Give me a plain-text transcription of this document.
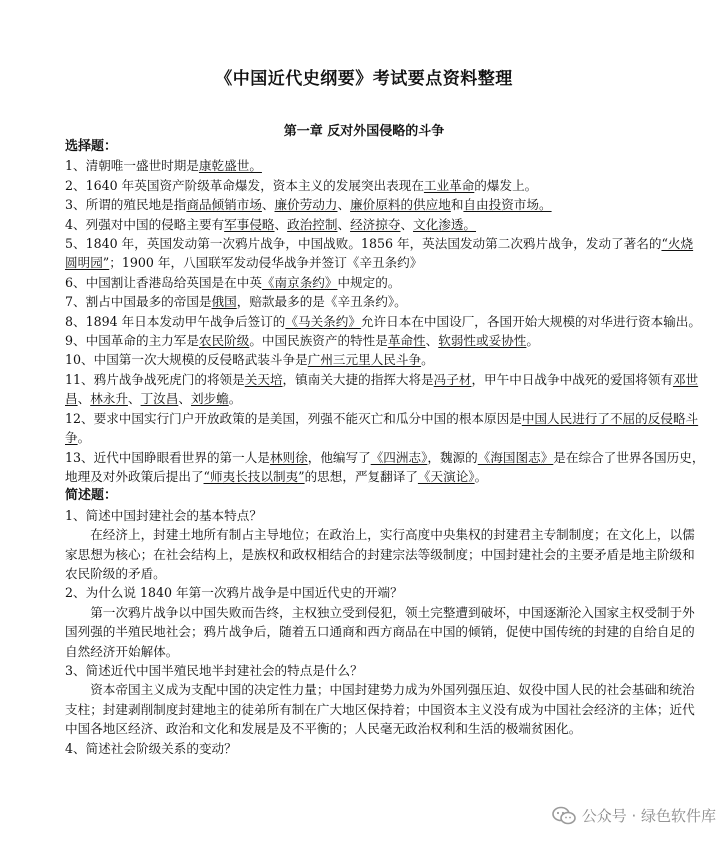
《中国近代史纲要》考试要点资料整理
第一章 反对外国侵略的斗争

选择题：

1、清朝唯一盛世时期是康乾盛世。

2、1640 年英国资产阶级革命爆发，资本主义的发展突出表现在工业革命的爆发上。

3、所谓的殖民地是指商品倾销市场、廉价劳动力、廉价原料的供应地和自由投资市场。

4、列强对中国的侵略主要有军事侵略、政治控制、经济掠夺、文化渗透。

5、1840 年，英国发动第一次鸦片战争，中国战败。1856 年，英法国发动第二次鸦片战争，发动了著名的“火烧圆明园”；1900 年，八国联军发动侵华战争并签订《辛丑条约》

6、中国割让香港岛给英国是在中英《南京条约》中规定的。

7、割占中国最多的帝国是俄国，赔款最多的是《辛丑条约》。

8、1894 年日本发动甲午战争后签订的《马关条约》允许日本在中国设厂，各国开始大规模的对华进行资本输出。

9、中国革命的主力军是农民阶级。中国民族资产的特性是革命性、软弱性或妥协性。

10、中国第一次大规模的反侵略武装斗争是广州三元里人民斗争。

11、鸦片战争战死虎门的将领是关天培，镇南关大捷的指挥大将是冯子材，甲午中日战争中战死的爱国将领有邓世昌、林永升、丁汝昌、刘步蟾。

12、要求中国实行门户开放政策的是美国，列强不能灭亡和瓜分中国的根本原因是中国人民进行了不屈的反侵略斗争。

13、近代中国睁眼看世界的第一人是林则徐，他编写了《四洲志》，魏源的《海国图志》是在综合了世界各国历史，地理及对外政策后提出了“师夷长技以制夷”的思想，严复翻译了《天演论》。

简述题：

1、简述中国封建社会的基本特点？

在经济上，封建土地所有制占主导地位；在政治上，实行高度中央集权的封建君主专制制度；在文化上，以儒家思想为核心；在社会结构上，是族权和政权相结合的封建宗法等级制度；中国封建社会的主要矛盾是地主阶级和农民阶级的矛盾。

2、为什么说 1840 年第一次鸦片战争是中国近代史的开端？

第一次鸦片战争以中国失败而告终，主权独立受到侵犯，领土完整遭到破坏，中国逐渐沦入国家主权受制于外国列强的半殖民地社会；鸦片战争后，随着五口通商和西方商品在中国的倾销，促使中国传统的封建的自给自足的自然经济开始解体。

3、简述近代中国半殖民地半封建社会的特点是什么？

资本帝国主义成为支配中国的决定性力量；中国封建势力成为外国列强压迫、奴役中国人民的社会基础和统治支柱；封建剥削制度封建地主的徒弟所有制在广大地区保持着；中国资本主义没有成为中国社会经济的主体；近代中国各地区经济、政治和文化和发展是及不平衡的；人民毫无政治权利和生活的极端贫困化。

4、简述社会阶级关系的变动？

公众号 · 绿色软件库
